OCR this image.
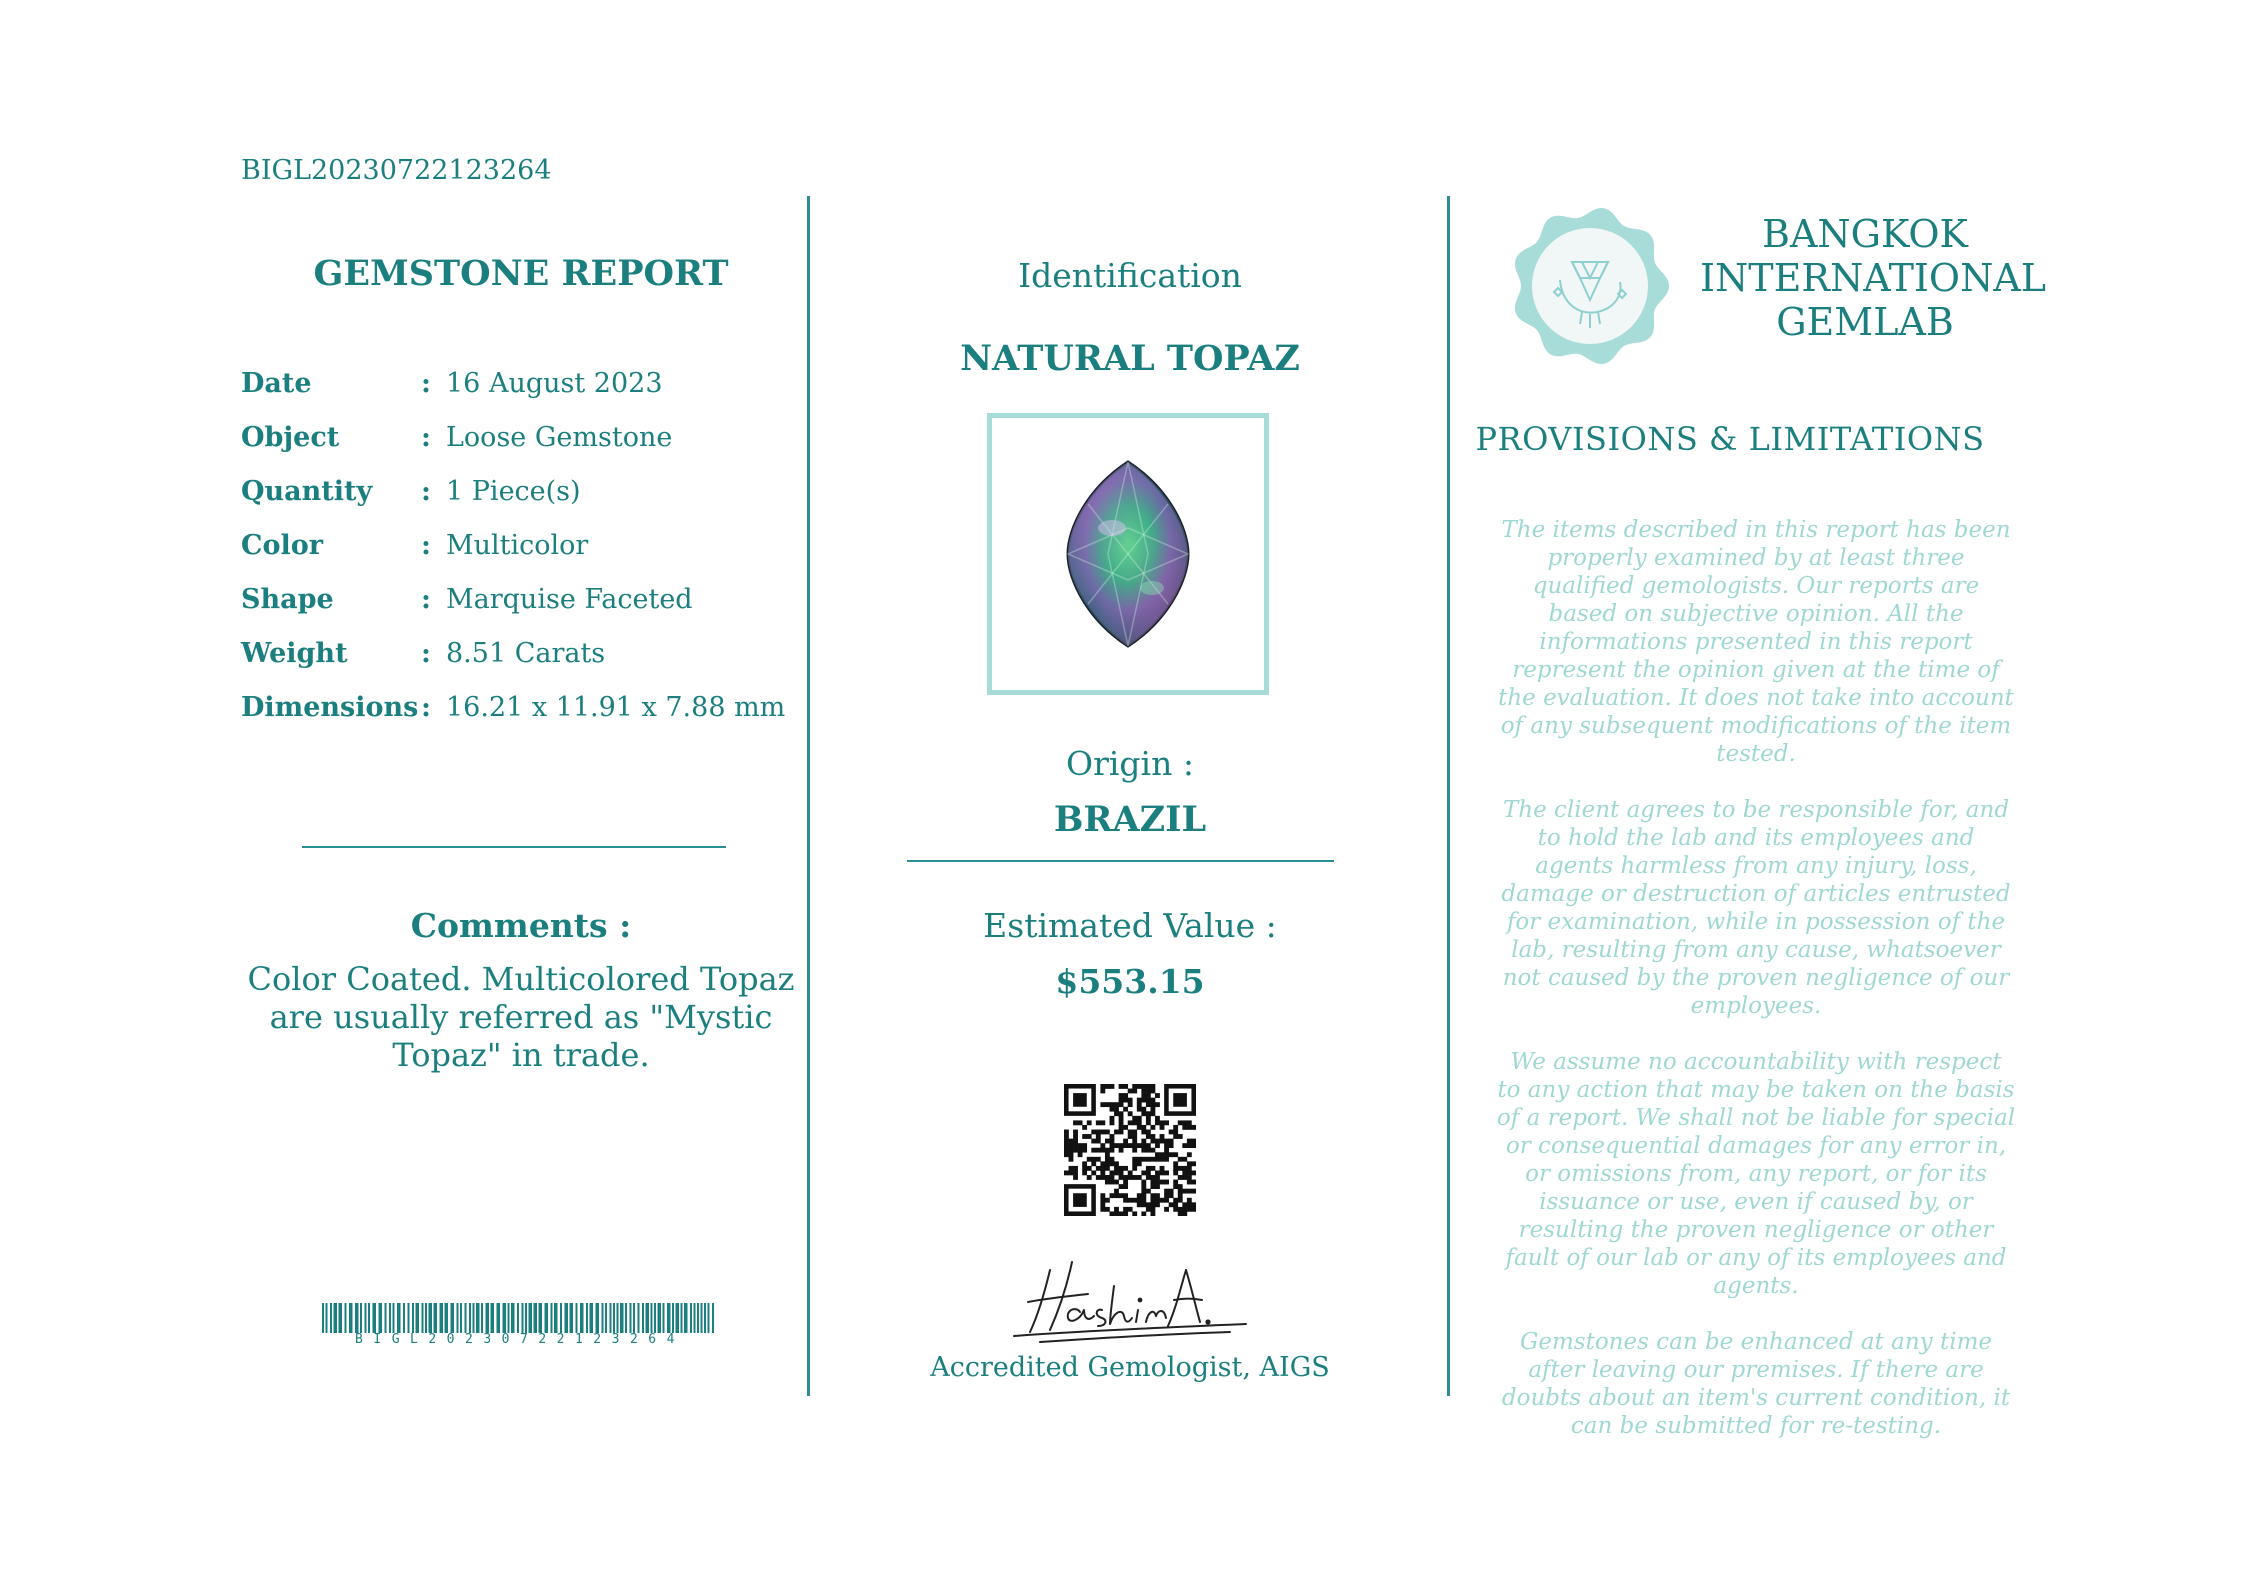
BIGL20230722123264
GEMSTONE REPORT
Date	: 16 August 2023
Object	: Loose Gemstone
Quantity	: 1 Piece(s)
Color	: Multicolor
Shape	: Marquise Faceted
Weight	: 8.51 Carats
Dimensions : 16.21 x 11.91 x 7.88 mm
Comments :
Color Coated. Multicolored Topaz are usually referred as "Mystic Topaz" in trade.
BIGL20230722123264
Identification
NATURAL TOPAZ
Origin :
BRAZIL
Estimated Value :
$553.15
Accredited Gemologist, AIGS
BANGKOK
INTERNATIONAL
GEMLAB
PROVISIONS & LIMITATIONS

The items described in this report has been properly examined by at least three qualified gemologists. Our reports are based on subjective opinion. All the informations presented in this report represent the opinion given at the time of the evaluation. It does not take into account of any subsequent modifications of the item tested.

The client agrees to be responsible for, and to hold the lab and its employees and agents harmless from any injury, loss, damage or destruction of articles entrusted for examination, while in possession of the lab, resulting from any cause, whatsoever not caused by the proven negligence of our employees.

We assume no accountability with respect to any action that may be taken on the basis of a report. We shall not be liable for special or consequential damages for any error in, or omissions from, any report, or for its issuance or use, even if caused by, or resulting the proven negligence or other fault of our lab or any of its employees and agents.

Gemstones can be enhanced at any time after leaving our premises. If there are doubts about an item's current condition, it can be submitted for re-testing.
